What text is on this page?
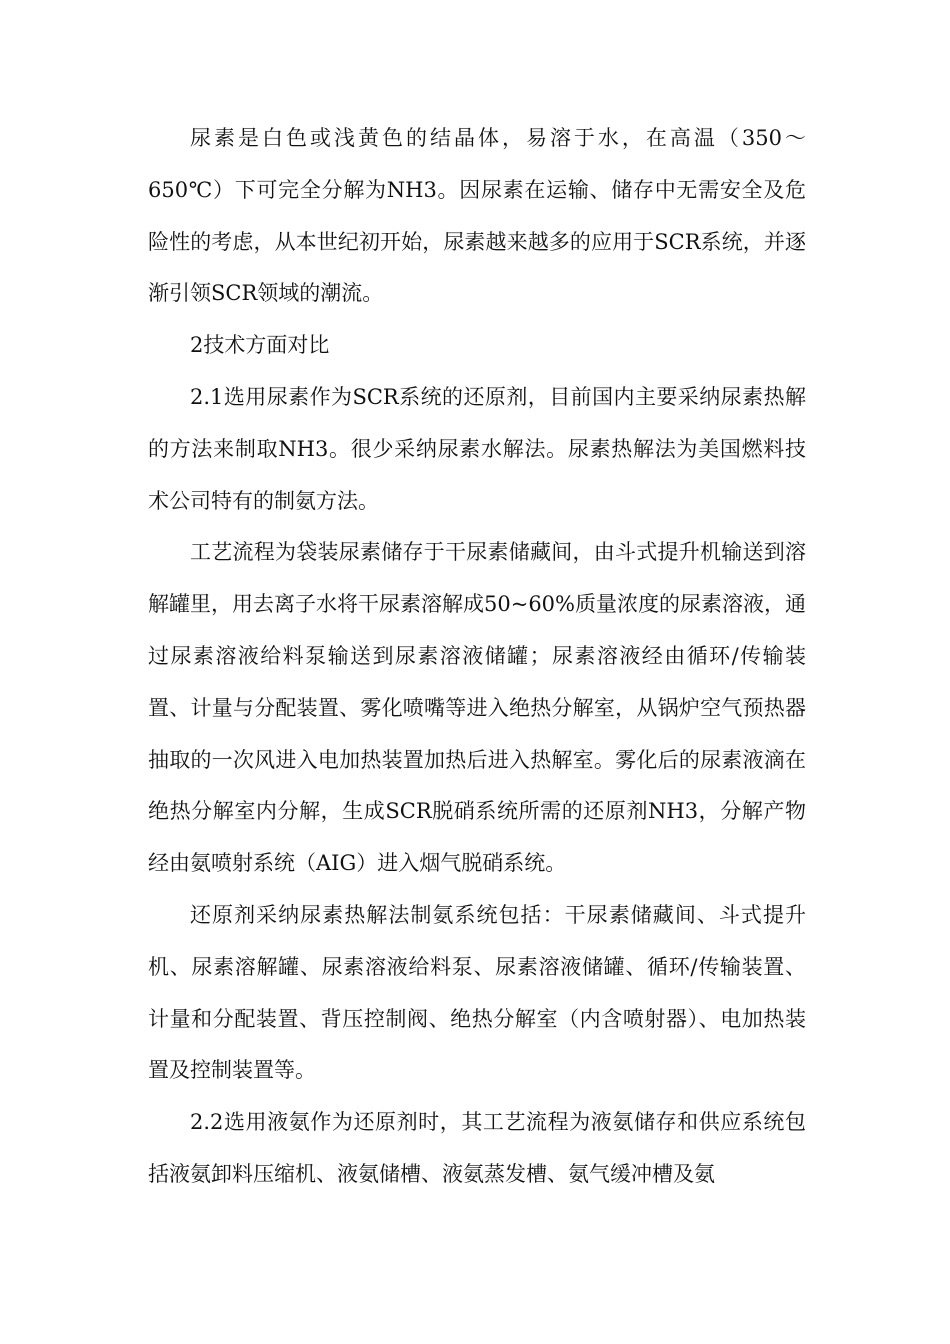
尿素是白色或浅黄色的结晶体，易溶于水，在高温（350～650℃）下可完全分解为NH3。因尿素在运输、储存中无需安全及危险性的考虑，从本世纪初开始，尿素越来越多的应用于SCR系统，并逐渐引领SCR领域的潮流。

2技术方面对比

2.1选用尿素作为SCR系统的还原剂，目前国内主要采纳尿素热解的方法来制取NH3。很少采纳尿素水解法。尿素热解法为美国燃料技术公司特有的制氨方法。

工艺流程为袋装尿素储存于干尿素储藏间，由斗式提升机输送到溶解罐里，用去离子水将干尿素溶解成50~60%质量浓度的尿素溶液，通过尿素溶液给料泵输送到尿素溶液储罐；尿素溶液经由循环/传输装置、计量与分配装置、雾化喷嘴等进入绝热分解室，从锅炉空气预热器抽取的一次风进入电加热装置加热后进入热解室。雾化后的尿素液滴在绝热分解室内分解，生成SCR脱硝系统所需的还原剂NH3，分解产物经由氨喷射系统（AIG）进入烟气脱硝系统。

还原剂采纳尿素热解法制氨系统包括：干尿素储藏间、斗式提升机、尿素溶解罐、尿素溶液给料泵、尿素溶液储罐、循环/传输装置、计量和分配装置、背压控制阀、绝热分解室（内含喷射器）、电加热装置及控制装置等。

2.2选用液氨作为还原剂时，其工艺流程为液氨储存和供应系统包括液氨卸料压缩机、液氨储槽、液氨蒸发槽、氨气缓冲槽及氨
